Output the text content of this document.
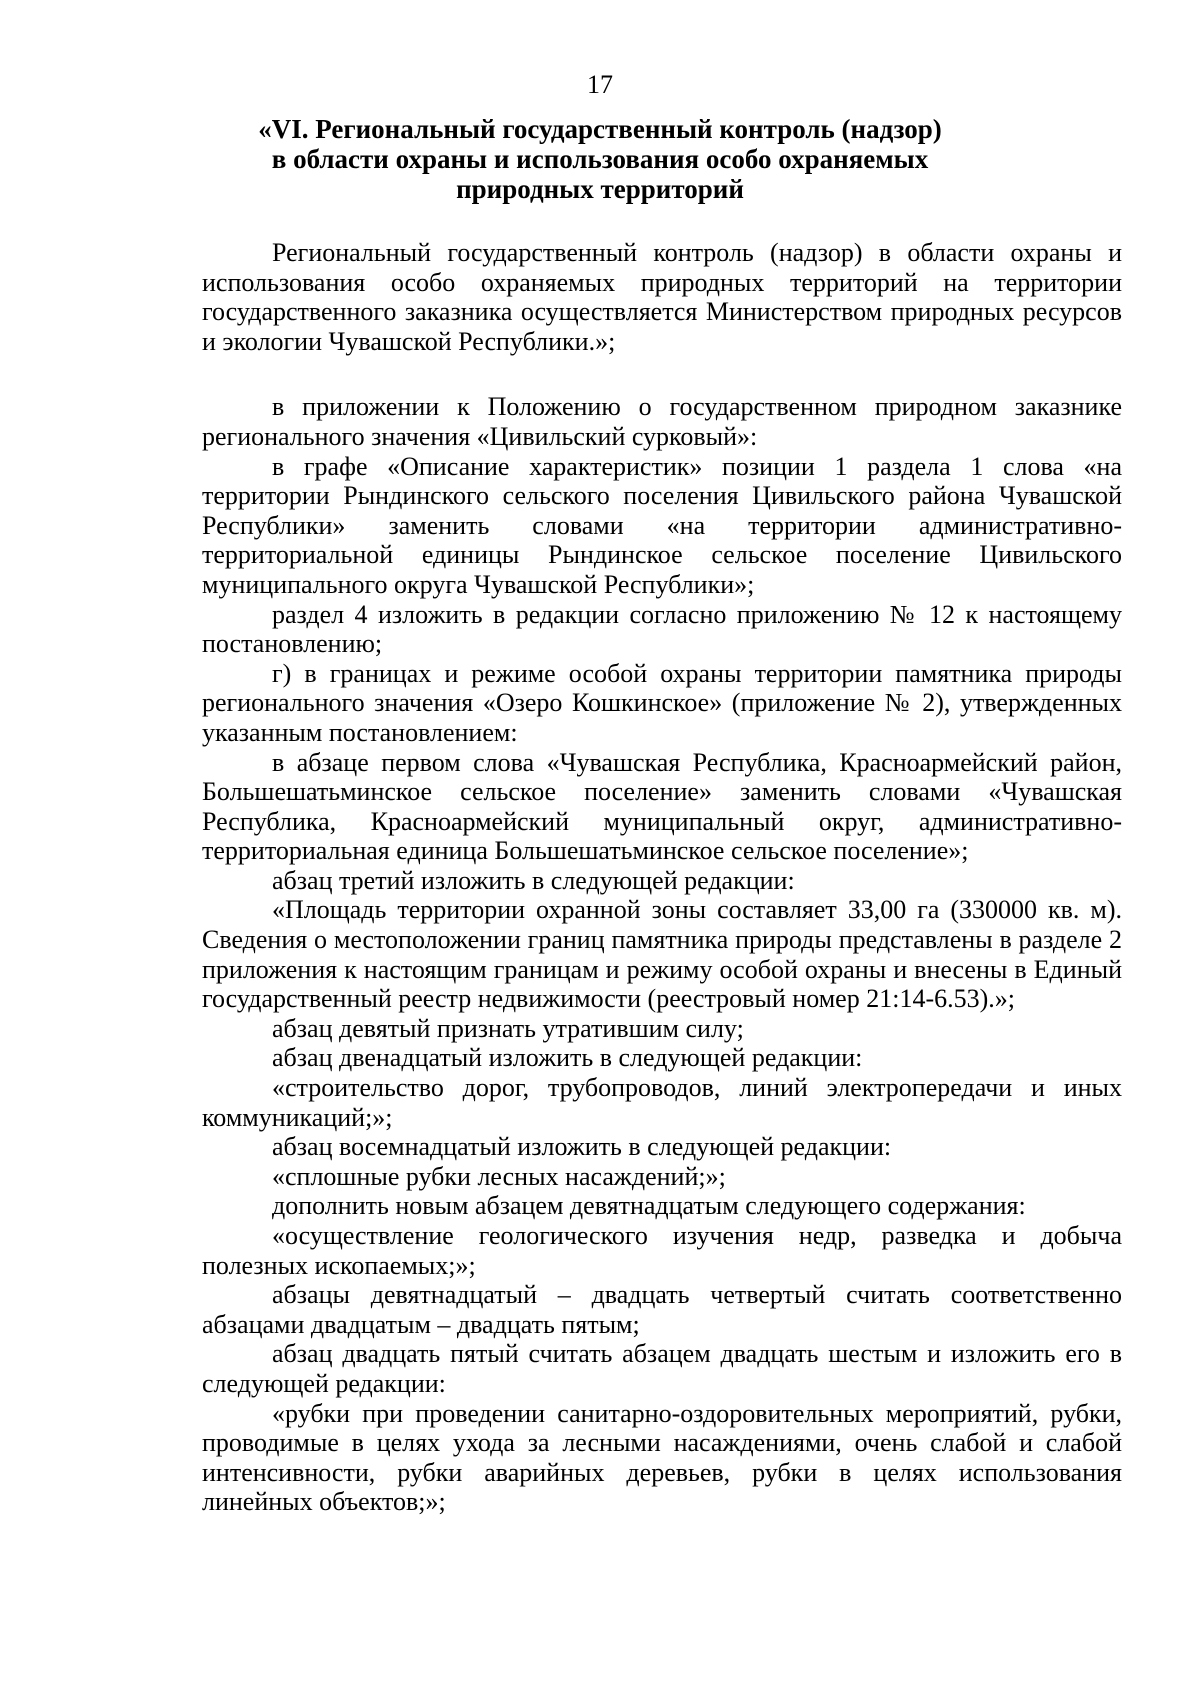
17
«VI. Региональный государственный контроль (надзор)
в области охраны и использования особо охраняемых
природных территорий

Региональный государственный контроль (надзор) в области охраны и использования особо охраняемых природных территорий на территории государственного заказника осуществляется Министерством природных ресурсов и экологии Чувашской Республики.»;

в приложении к Положению о государственном природном заказнике регионального значения «Цивильский сурковый»:

в графе «Описание характеристик» позиции 1 раздела 1 слова «на территории Рындинского сельского поселения Цивильского района Чувашской Республики» заменить словами «на территории административно-территориальной единицы Рындинское сельское поселение Цивильского муниципального округа Чувашской Республики»;

раздел 4 изложить в редакции согласно приложению № 12 к настоящему постановлению;

г) в границах и режиме особой охраны территории памятника природы регионального значения «Озеро Кошкинское» (приложение № 2), утвержденных указанным постановлением:

в абзаце первом слова «Чувашская Республика, Красноармейский район, Большешатьминское сельское поселение» заменить словами «Чувашская Республика, Красноармейский муниципальный округ, административно-территориальная единица Большешатьминское сельское поселение»;

абзац третий изложить в следующей редакции:

«Площадь территории охранной зоны составляет 33,00 га (330000 кв. м). Сведения о местоположении границ памятника природы представлены в разделе 2 приложения к настоящим границам и режиму особой охраны и внесены в Единый государственный реестр недвижимости (реестровый номер 21:14-6.53).»;

абзац девятый признать утратившим силу;

абзац двенадцатый изложить в следующей редакции:

«строительство дорог, трубопроводов, линий электропередачи и иных коммуникаций;»;

абзац восемнадцатый изложить в следующей редакции:

«сплошные рубки лесных насаждений;»;

дополнить новым абзацем девятнадцатым следующего содержания:

«осуществление геологического изучения недр, разведка и добыча полезных ископаемых;»;

абзацы девятнадцатый – двадцать четвертый считать соответственно абзацами двадцатым – двадцать пятым;

абзац двадцать пятый считать абзацем двадцать шестым и изложить его в следующей редакции:

«рубки при проведении санитарно-оздоровительных мероприятий, рубки, проводимые в целях ухода за лесными насаждениями, очень слабой и слабой интенсивности, рубки аварийных деревьев, рубки в целях использования линейных объектов;»;
